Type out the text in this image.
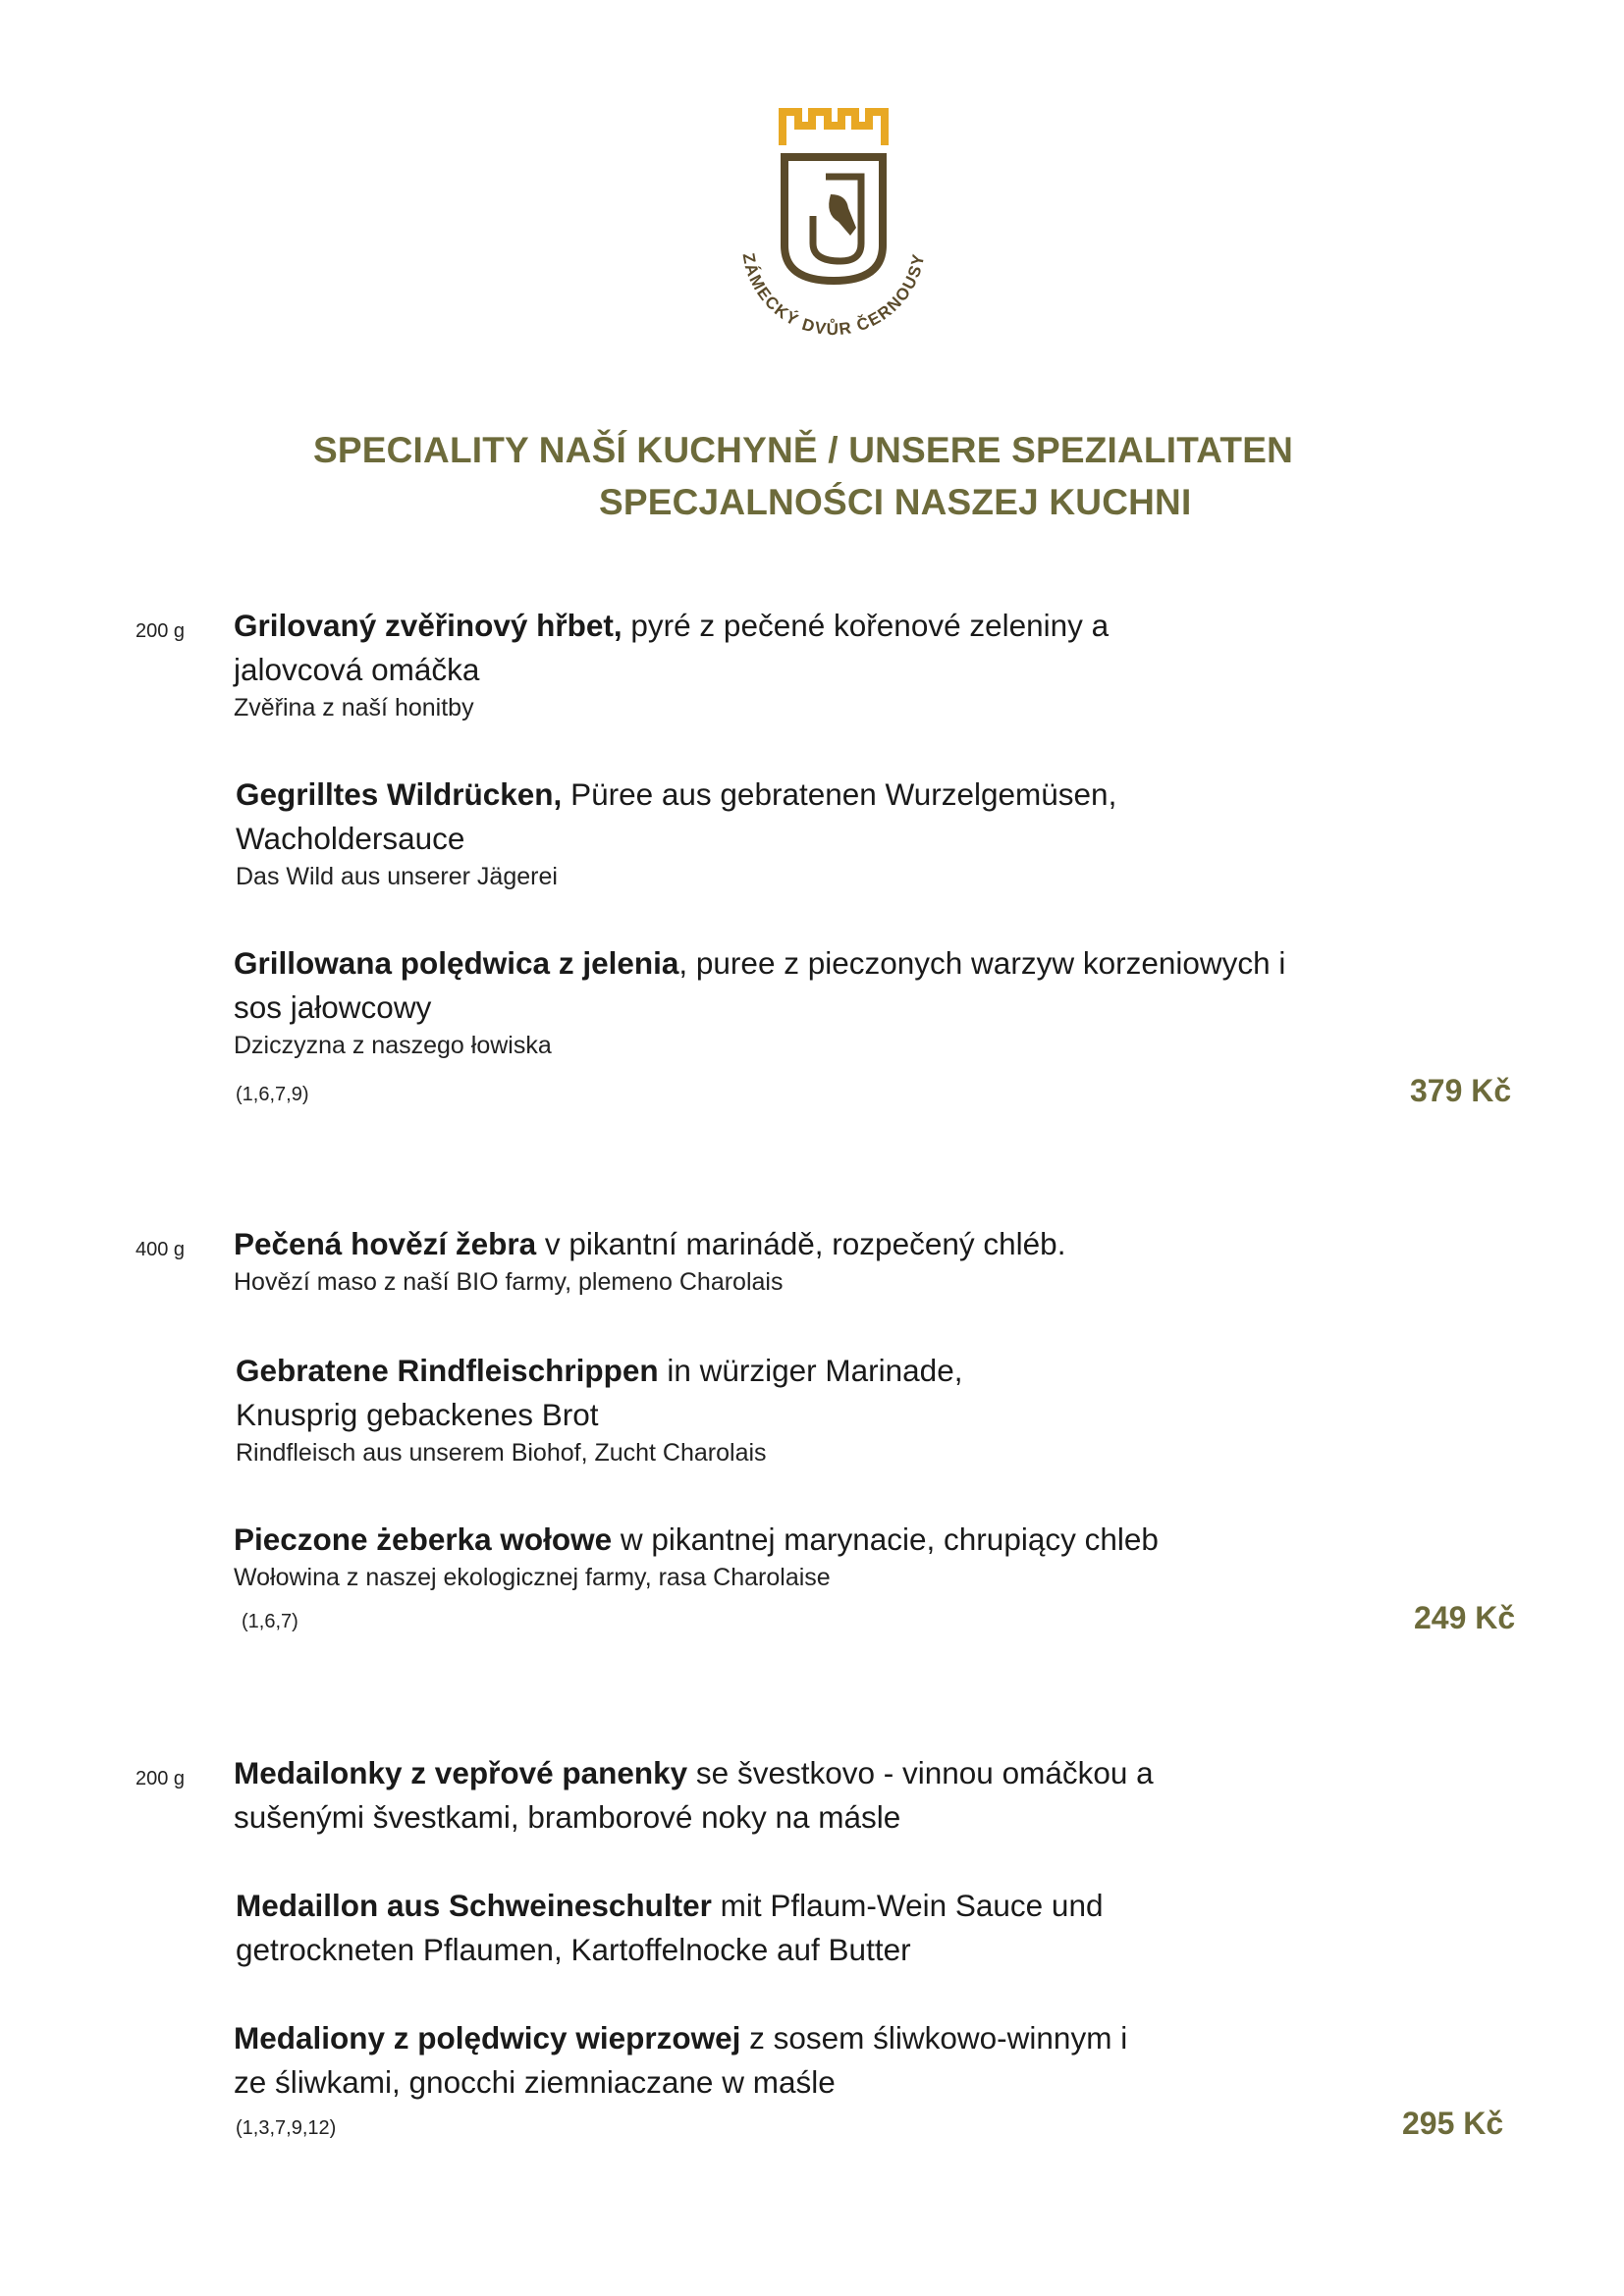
ZÁMECKÝ DVŮR ČERNOUSY
SPECIALITY NAŠÍ KUCHYNĚ / UNSERE SPEZIALITATEN
SPECJALNOŚCI NASZEJ KUCHNI
200 g Grilovaný zvěřinový hřbet, pyré z pečené kořenové zeleniny a
jalovcová omáčka
Zvěřina z naší honitby
Gegrilltes Wildrücken, Püree aus gebratenen Wurzelgemüsen,
Wacholdersauce
Das Wild aus unserer Jägerei
Grillowana polędwica z jelenia, puree z pieczonych warzyw korzeniowych i
sos jałowcowy
Dziczyzna z naszego łowiska
(1,6,7,9)	379 Kč
400 g Pečená hovězí žebra v pikantní marinádě, rozpečený chléb.
Hovězí maso z naší BIO farmy, plemeno Charolais
Gebratene Rindfleischrippen in würziger Marinade,
Knusprig gebackenes Brot
Rindfleisch aus unserem Biohof, Zucht Charolais
Pieczone żeberka wołowe w pikantnej marynacie, chrupiący chleb
Wołowina z naszej ekologicznej farmy, rasa Charolaise
(1,6,7)	249 Kč
200 g Medailonky z vepřové panenky se švestkovo - vinnou omáčkou a
sušenými švestkami, bramborové noky na másle
Medaillon aus Schweineschulter mit Pflaum-Wein Sauce und
getrockneten Pflaumen, Kartoffelnocke auf Butter
Medaliony z polędwicy wieprzowej z sosem śliwkowo-winnym i
ze śliwkami, gnocchi ziemniaczane w maśle
(1,3,7,9,12)	295 Kč
